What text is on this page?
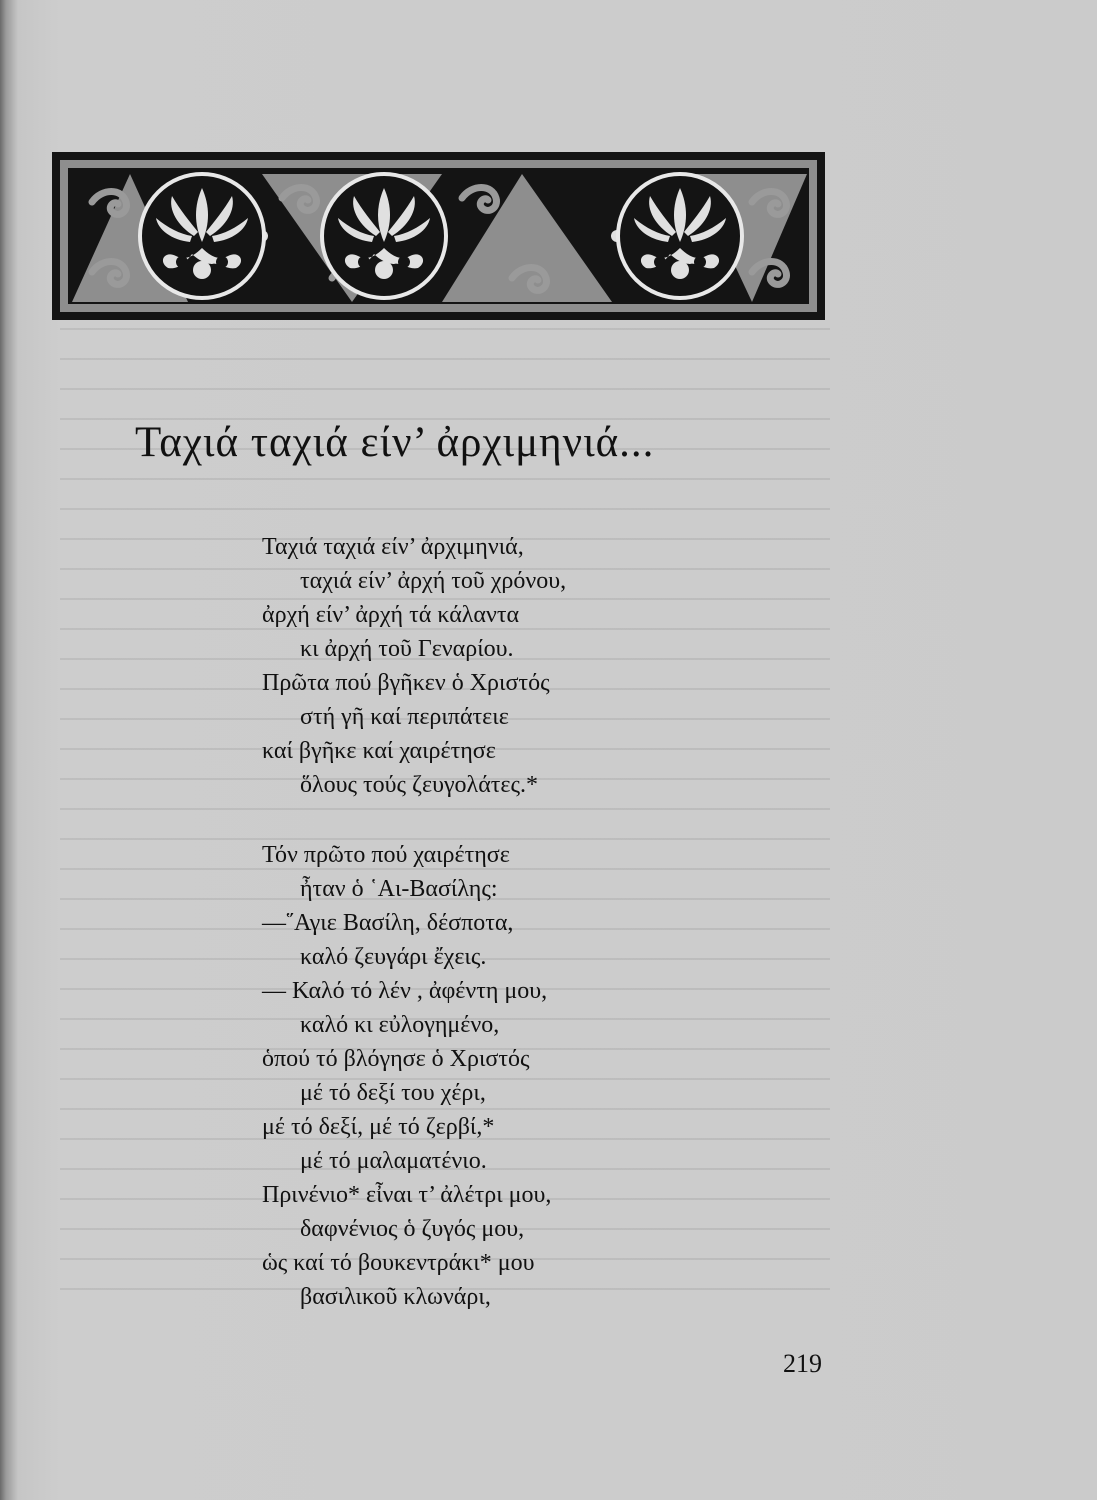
Ταχιά ταχιά είν’ ἀρχιμηνιά...
Ταχιά ταχιά είν’ ἀρχιμηνιά,
ταχιά είν’ ἀρχή τοῦ χρόνου,
ἀρχή είν’ ἀρχή τά κάλαντα
κι ἀρχή τοῦ Γεναρίου.
Πρῶτα πού βγῆκεν ὁ Χριστός
στή γῆ καί περιπάτειε
καί βγῆκε καί χαιρέτησε
ὅλους τούς ζευγολάτες.*
Τόν πρῶτο πού χαιρέτησε
ἦταν ὁ ῾Αι-Βασίλης:
—῞Αγιε Βασίλη, δέσποτα,
καλό ζευγάρι ἔχεις.
— Καλό τό λέν , ἀφέντη μου,
καλό κι εὐλογημένο,
ὁπού τό βλόγησε ὁ Χριστός
μέ τό δεξί του χέρι,
μέ τό δεξί, μέ τό ζερβί,*
μέ τό μαλαματένιο.
Πρινένιο* εἶναι τ’ ἀλέτρι μου,
δαφνένιος ὁ ζυγός μου,
ὡς καί τό βουκεντράκι* μου
βασιλικοῦ κλωνάρι,
219
